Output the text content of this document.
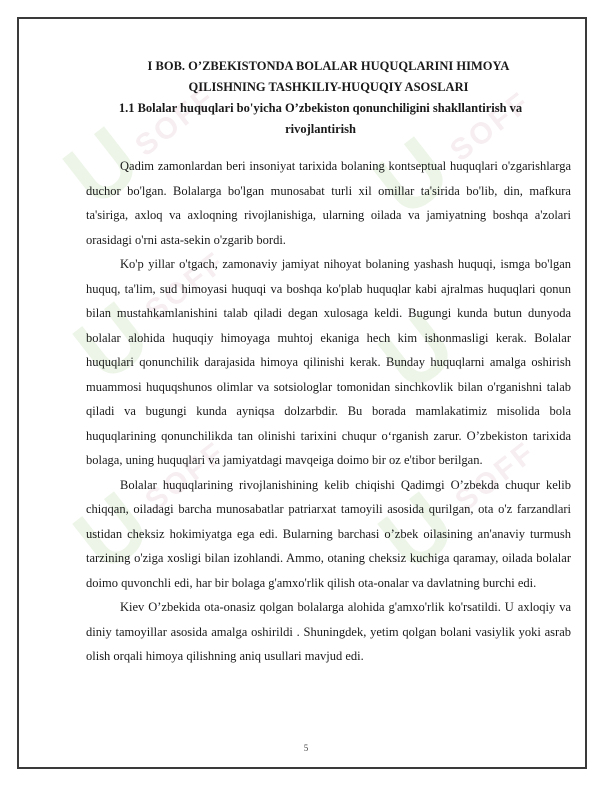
U
SOFF U
SOFF
U
SOFF
U
SOFF U
SOFF
U
I BOB. O’ZBEKISTONDA BOLALAR HUQUQLARINI HIMOYA
QILISHNING TASHKILIY-HUQUQIY ASOSLARI
1.1 Bolalar huquqlari bo'yicha O’zbekiston qonunchiligini shakllantirish va
rivojlantirish

Qadim zamonlardan beri insoniyat tarixida bolaning kontseptual huquqlari o'zgarishlarga duchor bo'lgan. Bolalarga bo'lgan munosabat turli xil omillar ta'sirida bo'lib, din, mafkura ta'siriga, axloq va axloqning rivojlanishiga, ularning oilada va jamiyatning boshqa a'zolari orasidagi o'rni asta-sekin o'zgarib bordi.

Ko'p yillar o'tgach, zamonaviy jamiyat nihoyat bolaning yashash huquqi, ismga bo'lgan huquq, ta'lim, sud himoyasi huquqi va boshqa ko'plab huquqlar kabi ajralmas huquqlari qonun bilan mustahkamlanishini talab qiladi degan xulosaga keldi. Bugungi kunda butun dunyoda bolalar alohida huquqiy himoyaga muhtoj ekaniga hech kim ishonmasligi kerak. Bolalar huquqlari qonunchilik darajasida himoya qilinishi kerak. Bunday huquqlarni amalga oshirish muammosi huquqshunos olimlar va sotsiologlar tomonidan sinchkovlik bilan o'rganishni talab qiladi va bugungi kunda ayniqsa dolzarbdir. Bu borada mamlakatimiz misolida bola huquqlarining qonunchilikda tan olinishi tarixini chuqur o‘rganish zarur. O’zbekiston tarixida bolaga, uning huquqlari va jamiyatdagi mavqeiga doimo bir oz e'tibor berilgan.

Bolalar huquqlarining rivojlanishining kelib chiqishi Qadimgi O’zbekda chuqur kelib chiqqan, oiladagi barcha munosabatlar patriarxat tamoyili asosida qurilgan, ota o'z farzandlari ustidan cheksiz hokimiyatga ega edi. Bularning barchasi o’zbek oilasining an'anaviy turmush tarzining o'ziga xosligi bilan izohlandi. Ammo, otaning cheksiz kuchiga qaramay, oilada bolalar doimo quvonchli edi, har bir bolaga g'amxo'rlik qilish ota-onalar va davlatning burchi edi.

Kiev O’zbekida ota-onasiz qolgan bolalarga alohida g'amxo'rlik ko'rsatildi. U axloqiy va diniy tamoyillar asosida amalga oshirildi . Shuningdek, yetim qolgan bolani vasiylik yoki asrab olish orqali himoya qilishning aniq usullari mavjud edi.

5
